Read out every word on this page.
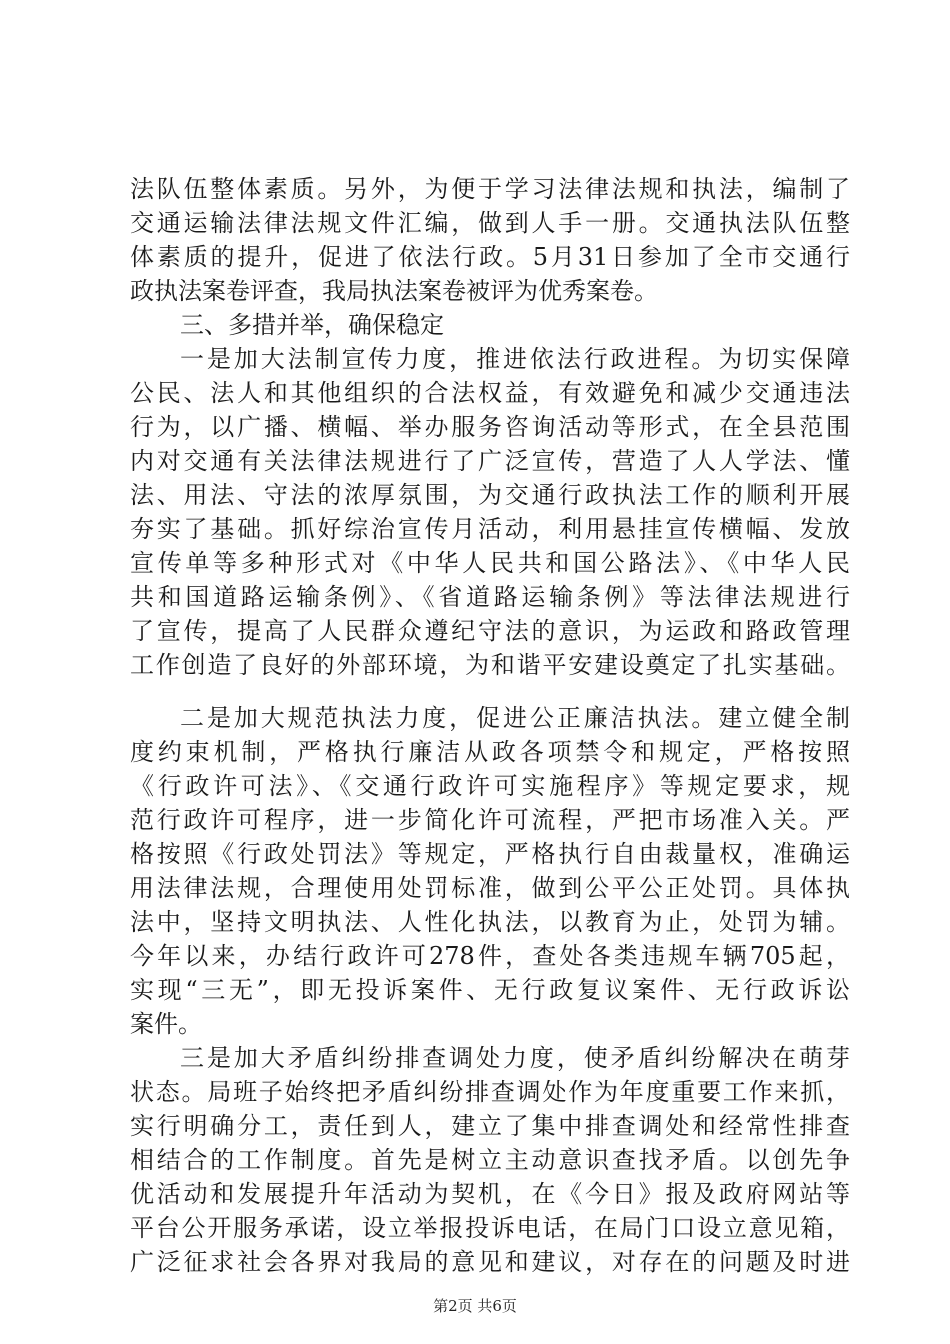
法队伍整体素质。另外，为便于学习法律法规和执法，编制了
交通运输法律法规文件汇编，做到人手一册。交通执法队伍整
体素质的提升，促进了依法行政。5月31日参加了全市交通行
政执法案卷评查，我局执法案卷被评为优秀案卷。
三、多措并举，确保稳定
一是加大法制宣传力度，推进依法行政进程。为切实保障
公民、法人和其他组织的合法权益，有效避免和减少交通违法
行为，以广播、横幅、举办服务咨询活动等形式，在全县范围
内对交通有关法律法规进行了广泛宣传，营造了人人学法、懂
法、用法、守法的浓厚氛围，为交通行政执法工作的顺利开展
夯实了基础。抓好综治宣传月活动，利用悬挂宣传横幅、发放
宣传单等多种形式对《中华人民共和国公路法》、《中华人民
共和国道路运输条例》、《省道路运输条例》等法律法规进行
了宣传，提高了人民群众遵纪守法的意识，为运政和路政管理
工作创造了良好的外部环境，为和谐平安建设奠定了扎实基础。
二是加大规范执法力度，促进公正廉洁执法。建立健全制
度约束机制，严格执行廉洁从政各项禁令和规定，严格按照
《行政许可法》、《交通行政许可实施程序》等规定要求，规
范行政许可程序，进一步简化许可流程，严把市场准入关。严
格按照《行政处罚法》等规定，严格执行自由裁量权，准确运
用法律法规，合理使用处罚标准，做到公平公正处罚。具体执
法中，坚持文明执法、人性化执法，以教育为止，处罚为辅。
今年以来，办结行政许可278件，查处各类违规车辆705起，
实现“三无”，即无投诉案件、无行政复议案件、无行政诉讼
案件。
三是加大矛盾纠纷排查调处力度，使矛盾纠纷解决在萌芽
状态。局班子始终把矛盾纠纷排查调处作为年度重要工作来抓，
实行明确分工，责任到人，建立了集中排查调处和经常性排查
相结合的工作制度。首先是树立主动意识查找矛盾。以创先争
优活动和发展提升年活动为契机，在《今日》报及政府网站等
平台公开服务承诺，设立举报投诉电话，在局门口设立意见箱，
广泛征求社会各界对我局的意见和建议，对存在的问题及时进
第2页 共6页
